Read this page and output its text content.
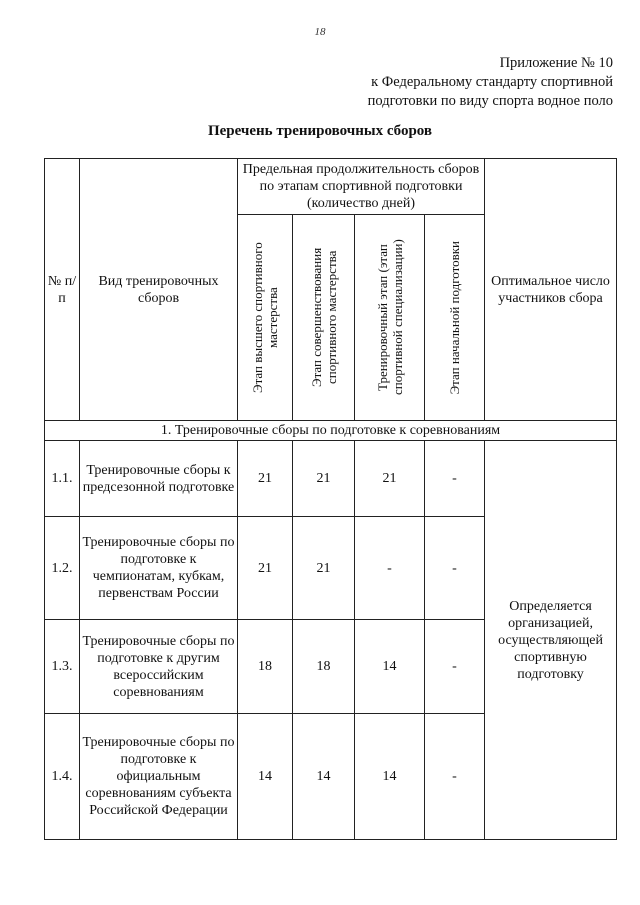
18
Приложение № 10
к Федеральному стандарту спортивной
подготовки по виду спорта водное поло
Перечень тренировочных сборов
№ п/п	Вид тренировочных сборов	Предельная продолжительность сборов по этапам спортивной подготовки (количество дней)				Оптимальное число участников сбора

		Этап высшего спортивного мастерства	Этап совершенствования спортивного мастерства	Тренировочный этап (этап спортивной специализации)	Этап начальной подготовки	

1. Тренировочные сборы по подготовке к соревнованиям						
1.1.	Тренировочные сборы к предсезонной подготовке	21	21	21	-	Определяется организацией, осуществляющей спортивную подготовку
1.2.	Тренировочные сборы по подготовке к чемпионатам, кубкам, первенствам России	21	21	-	-	
1.3.	Тренировочные сборы по подготовке к другим всероссийским соревнованиям	18	18	14	-	
1.4.	Тренировочные сборы по подготовке к официальным соревнованиям субъекта Российской Федерации	14	14	14	-	
